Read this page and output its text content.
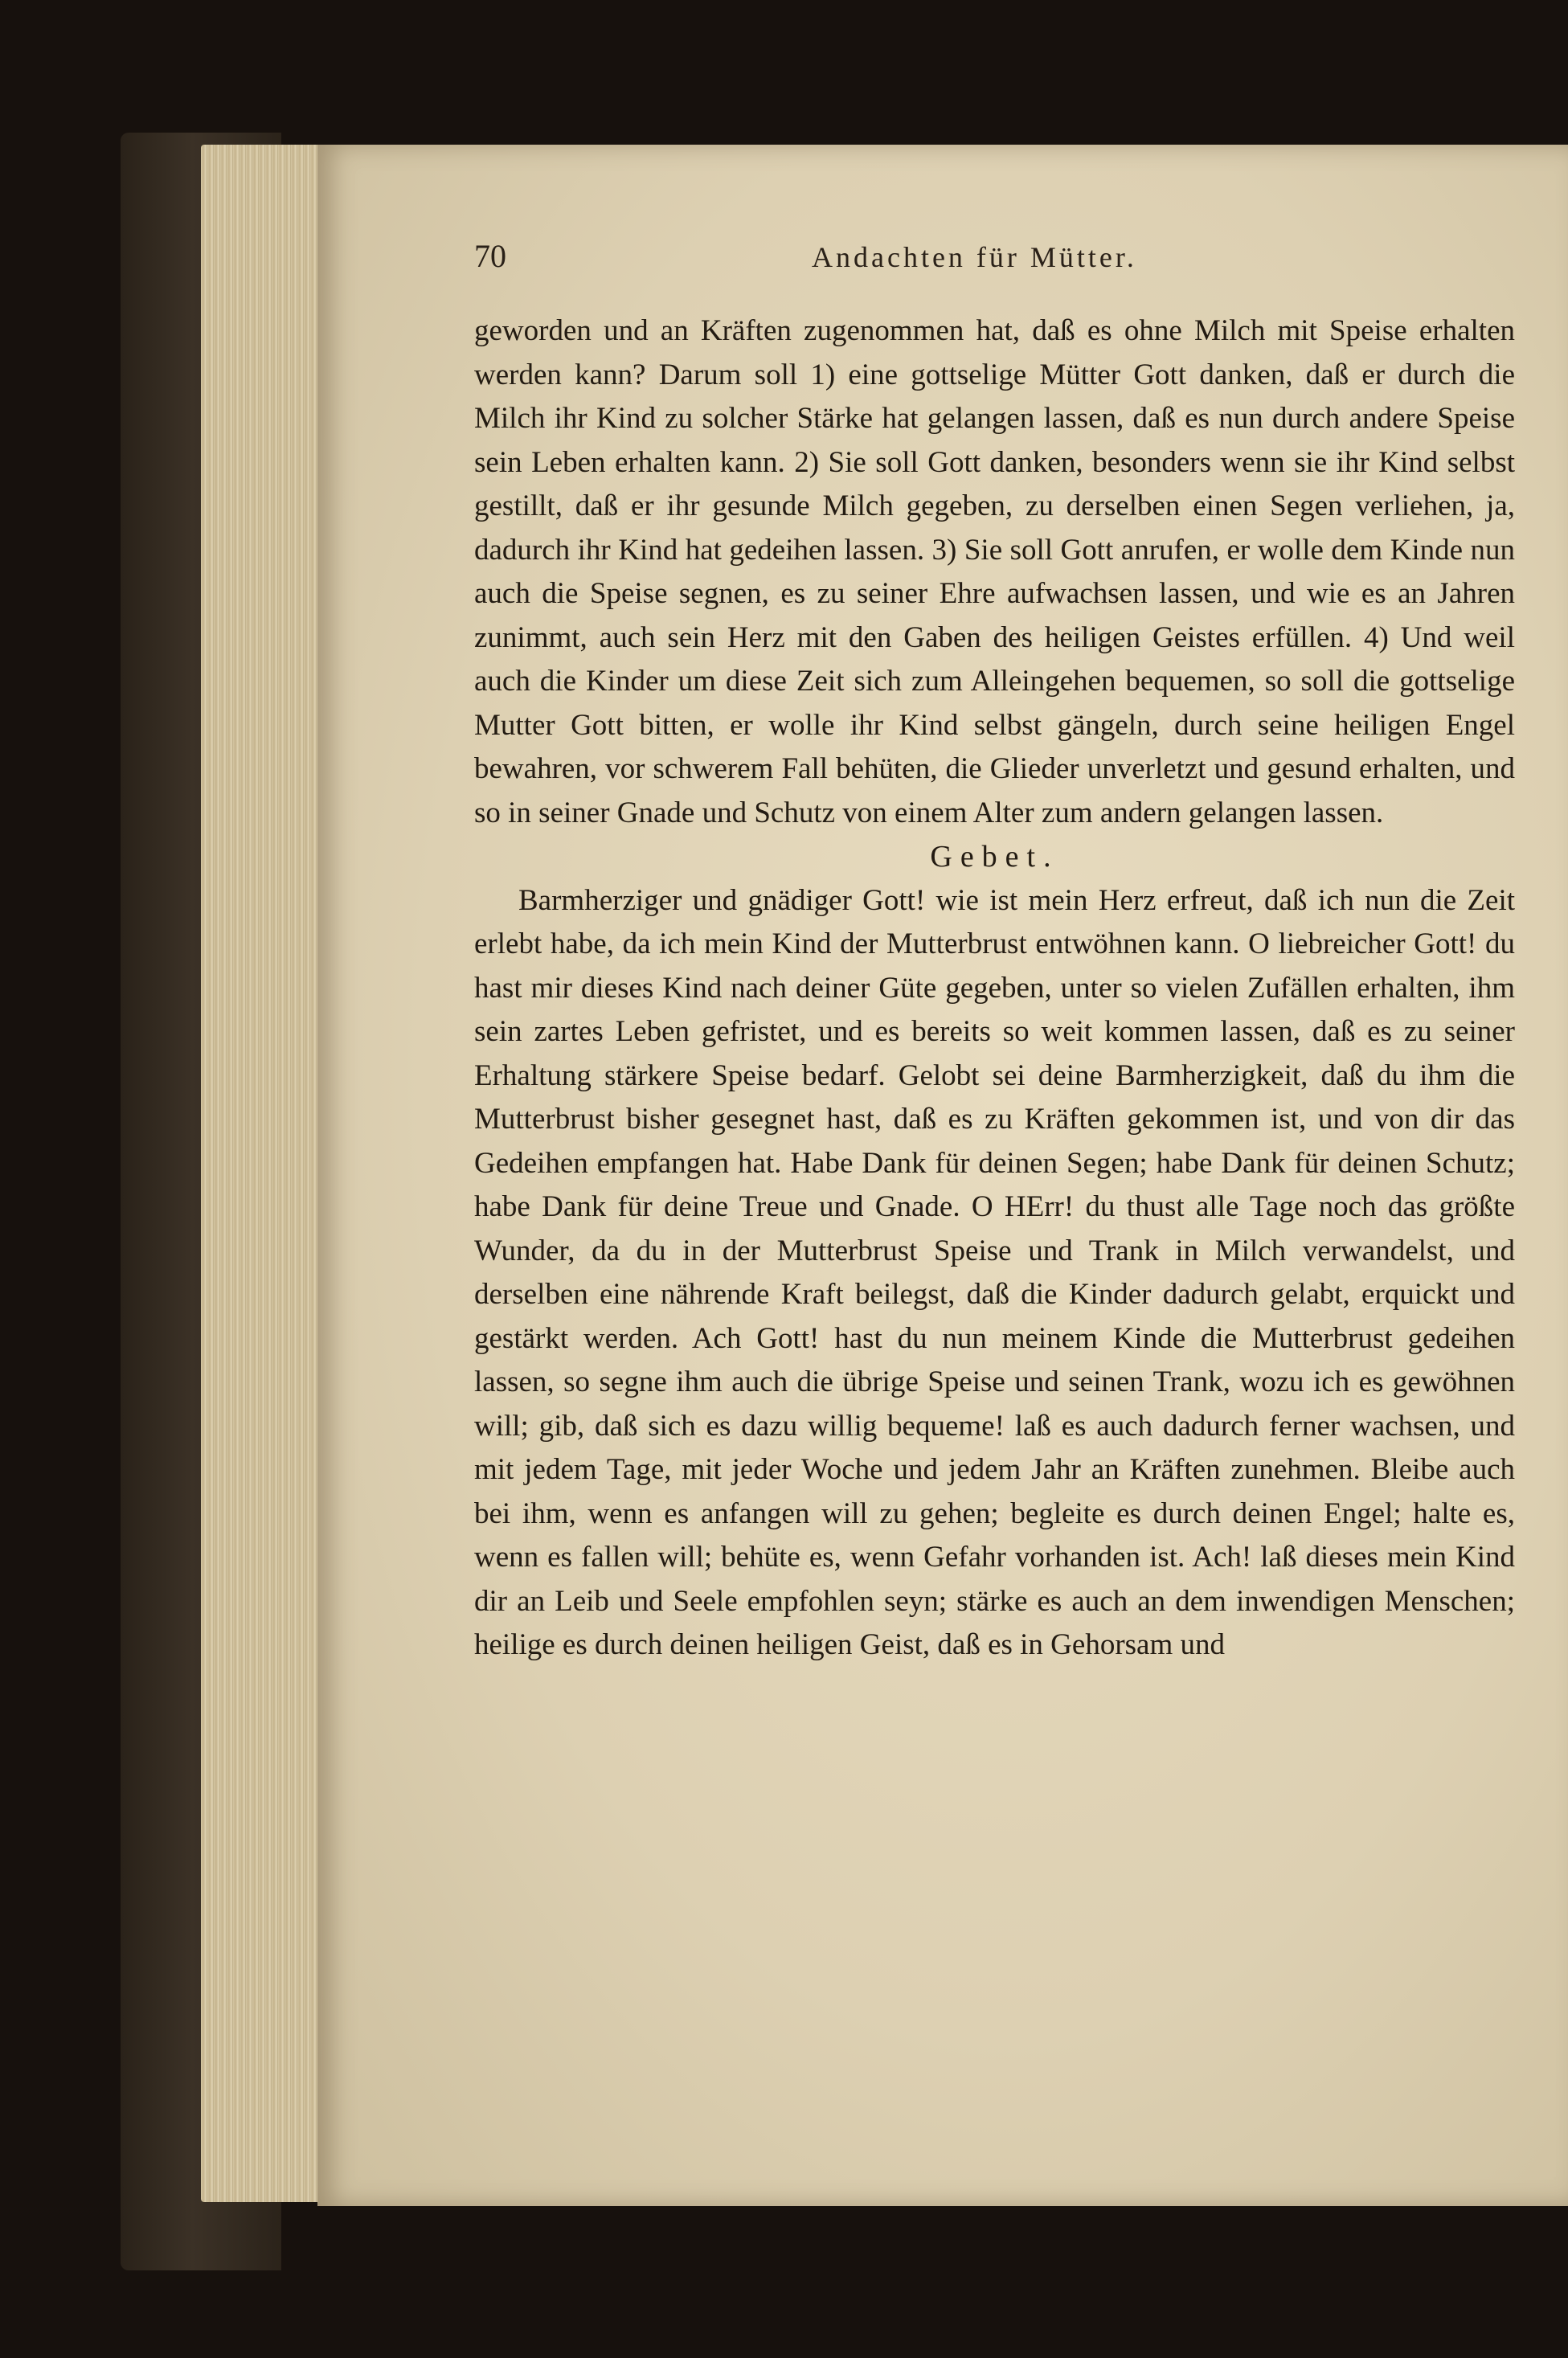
70	Andachten für Mütter.

geworden und an Kräften zugenommen hat, daß es ohne Milch mit Speise erhalten werden kann? Darum soll 1) eine gottselige Mütter Gott danken, daß er durch die Milch ihr Kind zu solcher Stärke hat gelangen lassen, daß es nun durch andere Speise sein Leben erhalten kann. 2) Sie soll Gott danken, besonders wenn sie ihr Kind selbst gestillt, daß er ihr gesunde Milch gegeben, zu derselben einen Segen verliehen, ja, dadurch ihr Kind hat gedeihen lassen. 3) Sie soll Gott anrufen, er wolle dem Kinde nun auch die Speise segnen, es zu seiner Ehre aufwachsen lassen, und wie es an Jahren zunimmt, auch sein Herz mit den Gaben des heiligen Geistes erfüllen. 4) Und weil auch die Kinder um diese Zeit sich zum Alleingehen bequemen, so soll die gottselige Mutter Gott bitten, er wolle ihr Kind selbst gängeln, durch seine heiligen Engel bewahren, vor schwerem Fall behüten, die Glieder unverletzt und gesund erhalten, und so in seiner Gnade und Schutz von einem Alter zum andern gelangen lassen.

Gebet.

Barmherziger und gnädiger Gott! wie ist mein Herz erfreut, daß ich nun die Zeit erlebt habe, da ich mein Kind der Mutterbrust entwöhnen kann. O liebreicher Gott! du hast mir dieses Kind nach deiner Güte gegeben, unter so vielen Zufällen erhalten, ihm sein zartes Leben gefristet, und es bereits so weit kommen lassen, daß es zu seiner Erhaltung stärkere Speise bedarf. Gelobt sei deine Barmherzigkeit, daß du ihm die Mutterbrust bisher gesegnet hast, daß es zu Kräften gekommen ist, und von dir das Gedeihen empfangen hat. Habe Dank für deinen Segen; habe Dank für deinen Schutz; habe Dank für deine Treue und Gnade. O HErr! du thust alle Tage noch das größte Wunder, da du in der Mutterbrust Speise und Trank in Milch verwandelst, und derselben eine nährende Kraft beilegst, daß die Kinder dadurch gelabt, erquickt und gestärkt werden. Ach Gott! hast du nun meinem Kinde die Mutterbrust gedeihen lassen, so segne ihm auch die übrige Speise und seinen Trank, wozu ich es gewöhnen will; gib, daß sich es dazu willig bequeme! laß es auch dadurch ferner wachsen, und mit jedem Tage, mit jeder Woche und jedem Jahr an Kräften zunehmen. Bleibe auch bei ihm, wenn es anfangen will zu gehen; begleite es durch deinen Engel; halte es, wenn es fallen will; behüte es, wenn Gefahr vorhanden ist. Ach! laß dieses mein Kind dir an Leib und Seele empfohlen seyn; stärke es auch an dem inwendigen Menschen; heilige es durch deinen heiligen Geist, daß es in Gehorsam und
